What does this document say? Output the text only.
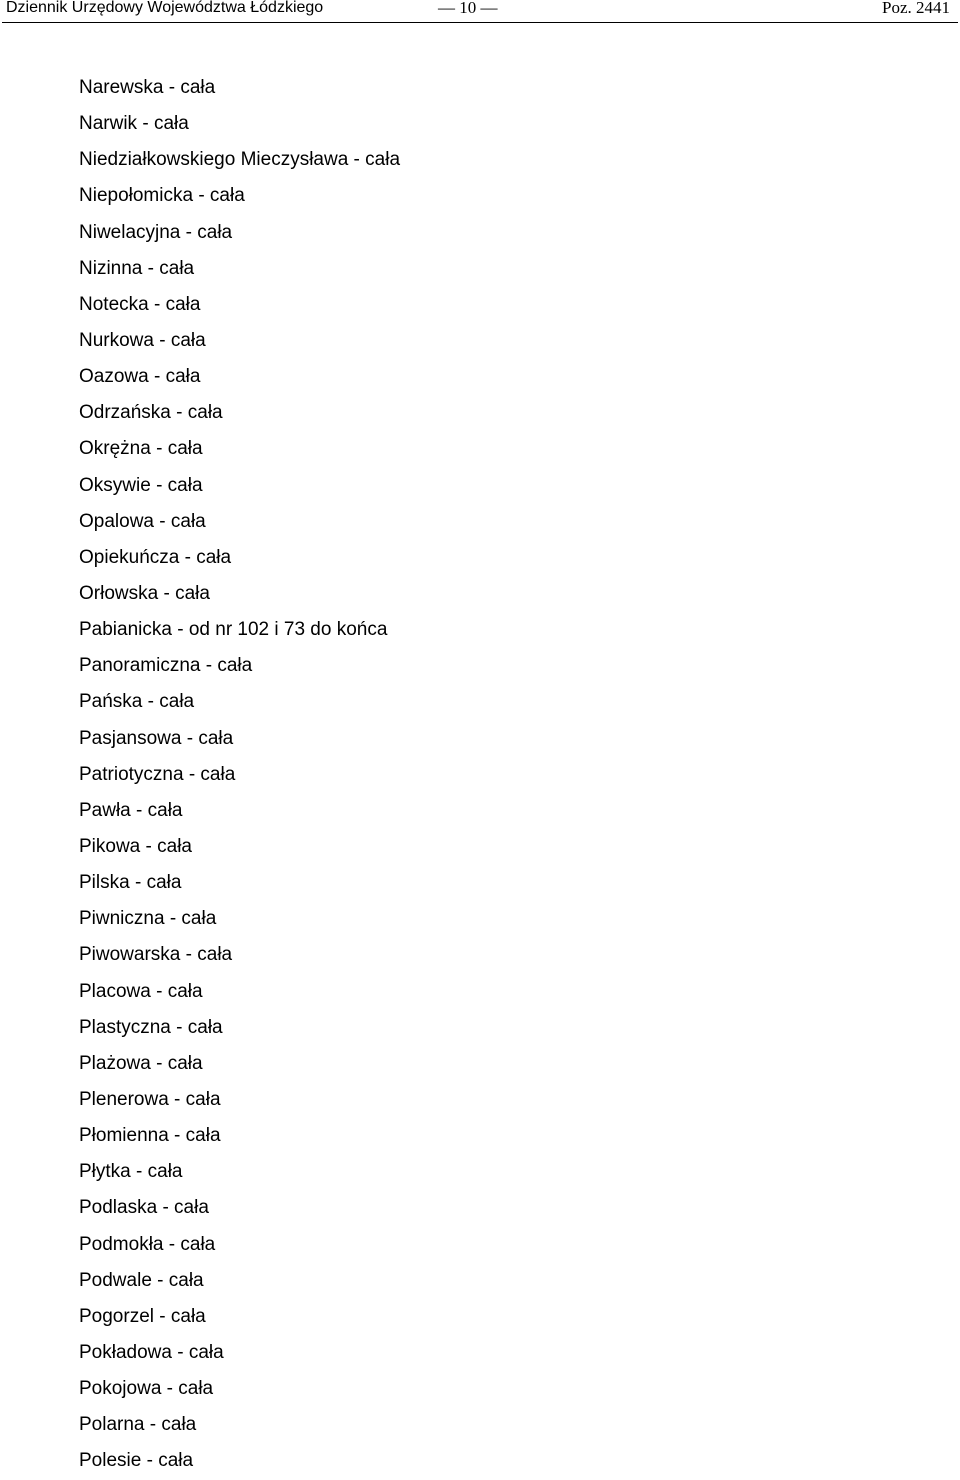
Dziennik Urzędowy Województwa Łódzkiego	— 10 —	Poz. 2441
Narewska - cała
Narwik - cała
Niedziałkowskiego Mieczysława - cała
Niepołomicka - cała
Niwelacyjna - cała
Nizinna - cała
Notecka - cała
Nurkowa - cała
Oazowa - cała
Odrzańska - cała
Okrężna - cała
Oksywie - cała
Opalowa - cała
Opiekuńcza - cała
Orłowska - cała
Pabianicka - od nr 102 i 73 do końca
Panoramiczna - cała
Pańska - cała
Pasjansowa - cała
Patriotyczna - cała
Pawła - cała
Pikowa - cała
Pilska - cała
Piwniczna - cała
Piwowarska - cała
Placowa - cała
Plastyczna - cała
Plażowa - cała
Plenerowa - cała
Płomienna - cała
Płytka - cała
Podlaska - cała
Podmokła - cała
Podwale - cała
Pogorzel - cała
Pokładowa - cała
Pokojowa - cała
Polarna - cała
Polesie - cała
